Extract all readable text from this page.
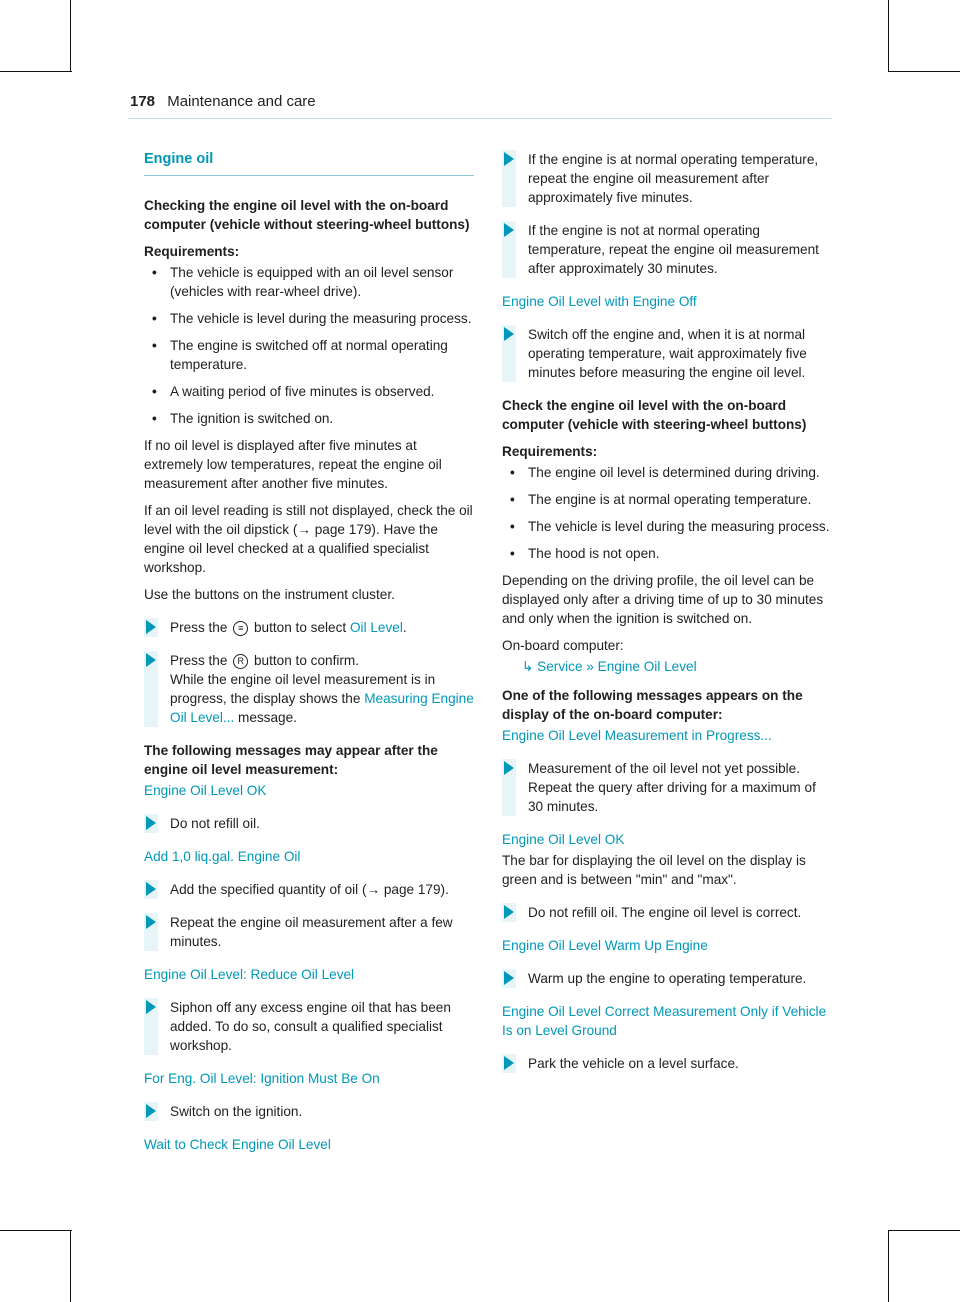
178 Maintenance and care
Engine oil
Checking the engine oil level with the on-board computer (vehicle without steering-wheel buttons)
Requirements:
• The vehicle is equipped with an oil level sensor (vehicles with rear-wheel drive).
• The vehicle is level during the measuring process.
• The engine is switched off at normal operating temperature.
• A waiting period of five minutes is observed.
• The ignition is switched on.

If no oil level is displayed after five minutes at extremely low temperatures, repeat the engine oil measurement after another five minutes.

If an oil level reading is still not displayed, check the oil level with the oil dipstick (→ page 179). Have the engine oil level checked at a qualified specialist workshop.

Use the buttons on the instrument cluster.

Press the ≡ button to select Oil Level.
Press the R button to confirm.
While the engine oil level measurement is in progress, the display shows the Measuring Engine Oil Level... message.
The following messages may appear after the engine oil level measurement:

Engine Oil Level OK

Do not refill oil.

Add 1,0 liq.gal. Engine Oil

Add the specified quantity of oil (→ page 179).
Repeat the engine oil measurement after a few minutes.

Engine Oil Level: Reduce Oil Level

Siphon off any excess engine oil that has been added. To do so, consult a qualified specialist workshop.

For Eng. Oil Level: Ignition Must Be On

Switch on the ignition.

Wait to Check Engine Oil Level

If the engine is at normal operating temperature, repeat the engine oil measurement after approximately five minutes.
If the engine is not at normal operating temperature, repeat the engine oil measurement after approximately 30 minutes.

Engine Oil Level with Engine Off

Switch off the engine and, when it is at normal operating temperature, wait approximately five minutes before measuring the engine oil level.
Check the engine oil level with the on-board computer (vehicle with steering-wheel buttons)
Requirements:
• The engine oil level is determined during driving.
• The engine is at normal operating temperature.
• The vehicle is level during the measuring process.
• The hood is not open.

Depending on the driving profile, the oil level can be displayed only after a driving time of up to 30 minutes and only when the ignition is switched on.

On-board computer:

↳ Service » Engine Oil Level
One of the following messages appears on the display of the on-board computer:

Engine Oil Level Measurement in Progress...

Measurement of the oil level not yet possible. Repeat the query after driving for a maximum of 30 minutes.

Engine Oil Level OK

The bar for displaying the oil level on the display is green and is between "min" and "max".

Do not refill oil. The engine oil level is correct.

Engine Oil Level Warm Up Engine

Warm up the engine to operating temperature.

Engine Oil Level Correct Measurement Only if Vehicle Is on Level Ground

Park the vehicle on a level surface.
